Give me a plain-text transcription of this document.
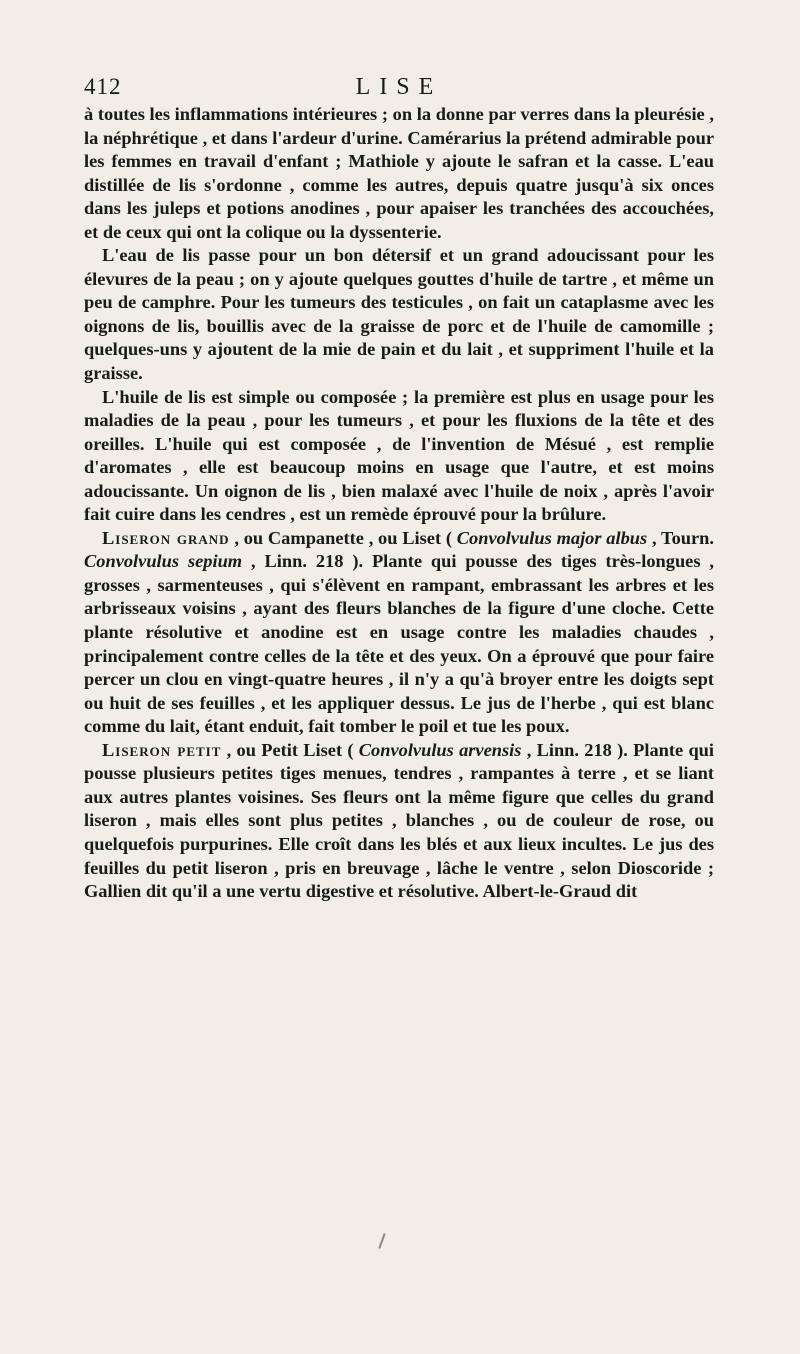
412	LISE

à toutes les inflammations intérieures ; on la donne par verres dans la pleurésie , la néphrétique , et dans l'ardeur d'urine. Camérarius la prétend admirable pour les femmes en travail d'enfant ; Mathiole y ajoute le safran et la casse. L'eau distillée de lis s'ordonne , comme les autres, depuis quatre jusqu'à six onces dans les juleps et potions anodines , pour apaiser les tranchées des accouchées, et de ceux qui ont la colique ou la dyssenterie.

L'eau de lis passe pour un bon détersif et un grand adoucissant pour les élevures de la peau ; on y ajoute quelques gouttes d'huile de tartre , et même un peu de camphre. Pour les tumeurs des testicules , on fait un cataplasme avec les oignons de lis, bouillis avec de la graisse de porc et de l'huile de camomille ; quelques-uns y ajoutent de la mie de pain et du lait , et suppriment l'huile et la graisse.

L'huile de lis est simple ou composée ; la première est plus en usage pour les maladies de la peau , pour les tumeurs , et pour les fluxions de la tête et des oreilles. L'huile qui est composée , de l'invention de Mésué , est remplie d'aromates , elle est beaucoup moins en usage que l'autre, et est moins adoucissante. Un oignon de lis , bien malaxé avec l'huile de noix , après l'avoir fait cuire dans les cendres , est un remède éprouvé pour la brûlure.

Liseron grand , ou Campanette , ou Liset ( Convolvulus major albus , Tourn. Convolvulus sepium , Linn. 218 ). Plante qui pousse des tiges très-longues , grosses , sarmenteuses , qui s'élèvent en rampant, embrassant les arbres et les arbrisseaux voisins , ayant des fleurs blanches de la figure d'une cloche. Cette plante résolutive et anodine est en usage contre les maladies chaudes , principalement contre celles de la tête et des yeux. On a éprouvé que pour faire percer un clou en vingt-quatre heures , il n'y a qu'à broyer entre les doigts sept ou huit de ses feuilles , et les appliquer dessus. Le jus de l'herbe , qui est blanc comme du lait, étant enduit, fait tomber le poil et tue les poux.

Liseron petit , ou Petit Liset ( Convolvulus arvensis , Linn. 218 ). Plante qui pousse plusieurs petites tiges menues, tendres , rampantes à terre , et se liant aux autres plantes voisines. Ses fleurs ont la même figure que celles du grand liseron , mais elles sont plus petites , blanches , ou de couleur de rose, ou quelquefois purpurines. Elle croît dans les blés et aux lieux incultes. Le jus des feuilles du petit liseron , pris en breuvage , lâche le ventre , selon Dioscoride ; Gallien dit qu'il a une vertu digestive et résolutive. Albert-le-Graud dit
